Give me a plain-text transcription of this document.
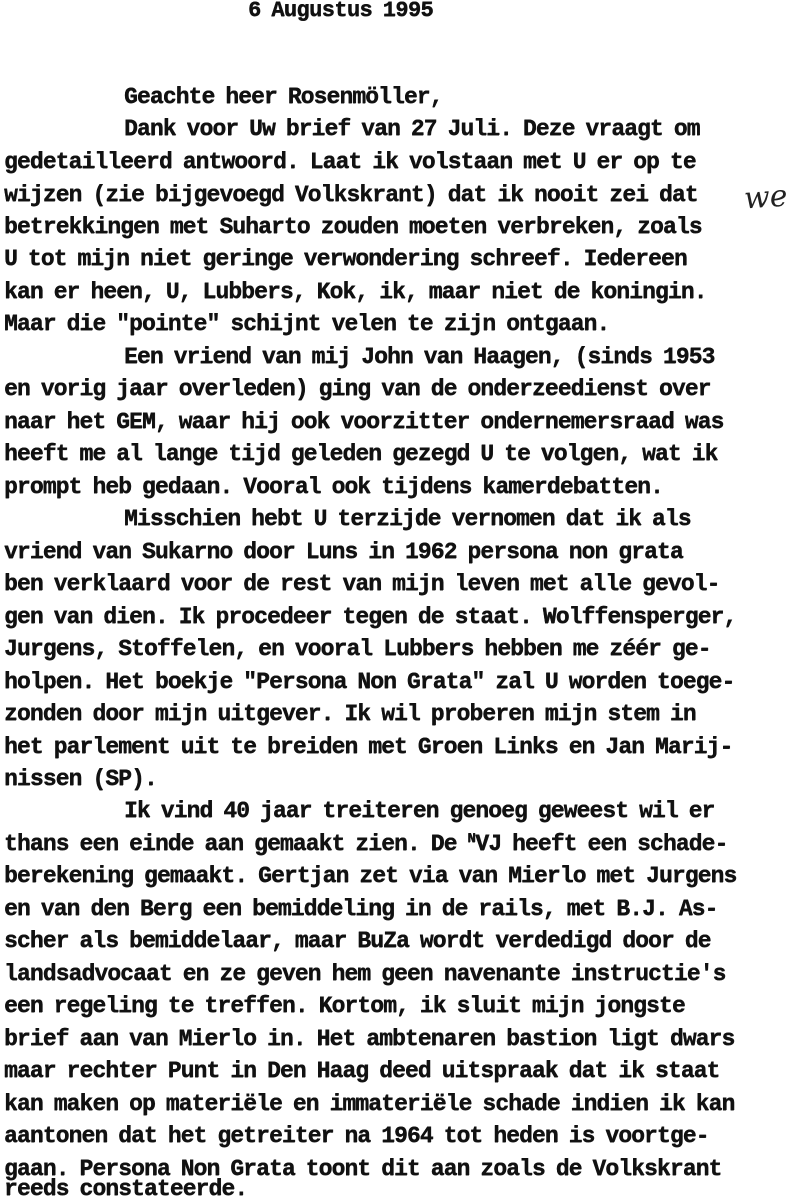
6 Augustus 1995
Geachte heer Rosenmöller,
Dank voor Uw brief van 27 Juli. Deze vraagt om
gedetailleerd antwoord. Laat ik volstaan met U er op te
wijzen (zie bijgevoegd Volkskrant) dat ik nooit zei dat
betrekkingen met Suharto zouden moeten verbreken, zoals
U tot mijn niet geringe verwondering schreef. Iedereen
kan er heen, U, Lubbers, Kok, ik, maar niet de koningin.
Maar die "pointe" schijnt velen te zijn ontgaan.
Een vriend van mij John van Haagen, (sinds 1953
en vorig jaar overleden) ging van de onderzeedienst over
naar het GEM, waar hij ook voorzitter ondernemersraad was
heeft me al lange tijd geleden gezegd U te volgen, wat ik
prompt heb gedaan. Vooral ook tijdens kamerdebatten.
Misschien hebt U terzijde vernomen dat ik als
vriend van Sukarno door Luns in 1962 persona non grata
ben verklaard voor de rest van mijn leven met alle gevol-
gen van dien. Ik procedeer tegen de staat. Wolffensperger,
Jurgens, Stoffelen, en vooral Lubbers hebben me zéér ge-
holpen. Het boekje "Persona Non Grata" zal U worden toege-
zonden door mijn uitgever. Ik wil proberen mijn stem in
het parlement uit te breiden met Groen Links en Jan Marij-
nissen (SP).
Ik vind 40 jaar treiteren genoeg geweest wil er
thans een einde aan gemaakt zien. De $^N$VJ heeft een schade-
berekening gemaakt. Gertjan zet via van Mierlo met Jurgens
en van den Berg een bemiddeling in de rails, met B.J. As-
scher als bemiddelaar, maar BuZa wordt verdedigd door de
landsadvocaat en ze geven hem geen navenante instructie's
een regeling te treffen. Kortom, ik sluit mijn jongste
brief aan van Mierlo in. Het ambtenaren bastion ligt dwars
maar rechter Punt in Den Haag deed uitspraak dat ik staat
kan maken op materiële en immateriële schade indien ik kan
aantonen dat het getreiter na 1964 tot heden is voortge-
gaan. Persona Non Grata toont dit aan zoals de Volkskrant
reeds constateerde.
we
